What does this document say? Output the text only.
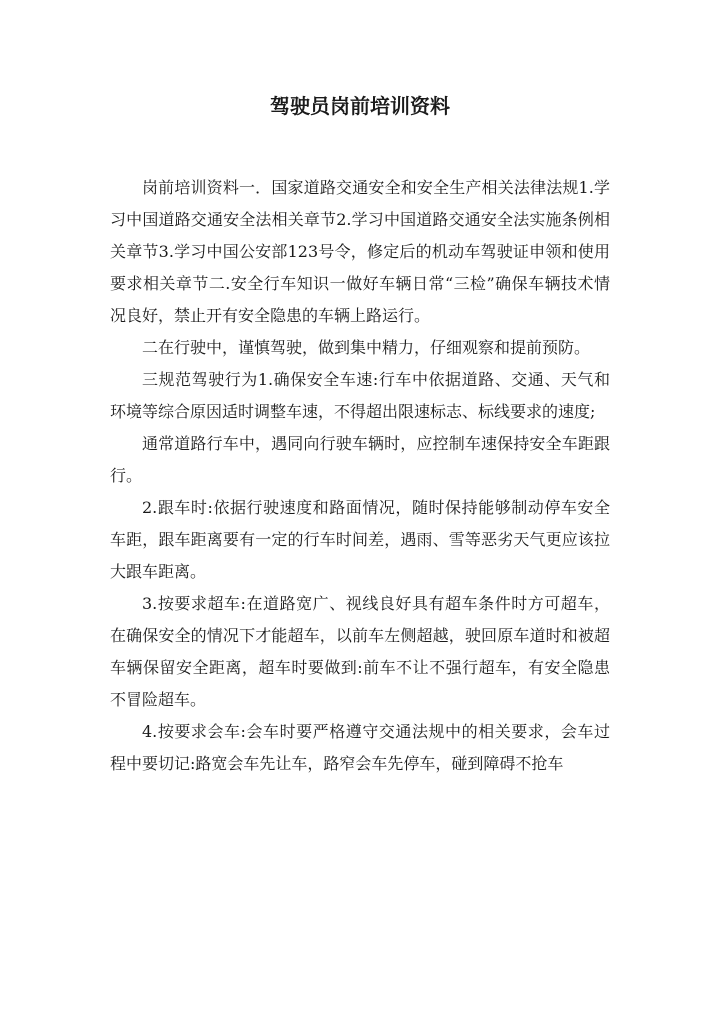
驾驶员岗前培训资料

岗前培训资料一．国家道路交通安全和安全生产相关法律法规1.学习中国道路交通安全法相关章节2.学习中国道路交通安全法实施条例相关章节3.学习中国公安部123号令，修定后的机动车驾驶证申领和使用要求相关章节二.安全行车知识一做好车辆日常“三检”确保车辆技术情况良好，禁止开有安全隐患的车辆上路运行。

二在行驶中，谨慎驾驶，做到集中精力，仔细观察和提前预防。

三规范驾驶行为1.确保安全车速:行车中依据道路、交通、天气和环境等综合原因适时调整车速，不得超出限速标志、标线要求的速度;

通常道路行车中，遇同向行驶车辆时，应控制车速保持安全车距跟行。

2.跟车时:依据行驶速度和路面情况，随时保持能够制动停车安全车距，跟车距离要有一定的行车时间差，遇雨、雪等恶劣天气更应该拉大跟车距离。

3.按要求超车:在道路宽广、视线良好具有超车条件时方可超车，在确保安全的情况下才能超车，以前车左侧超越，驶回原车道时和被超车辆保留安全距离，超车时要做到:前车不让不强行超车，有安全隐患不冒险超车。

4.按要求会车:会车时要严格遵守交通法规中的相关要求，会车过程中要切记:路宽会车先让车，路窄会车先停车，碰到障碍不抢车
